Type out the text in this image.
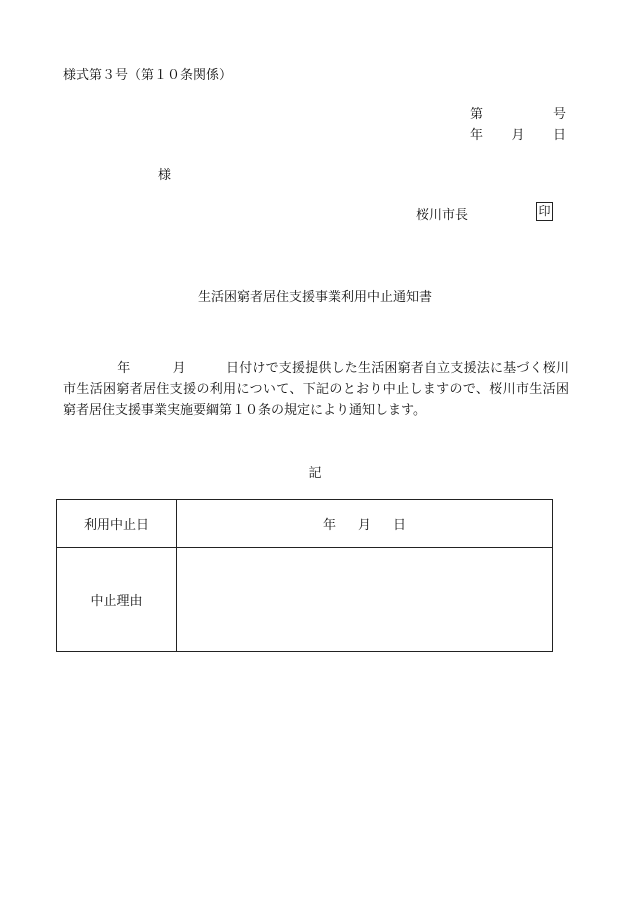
様式第３号（第１０条関係）
第	号
年 月 日
様
桜川市長	印
生活困窮者居住支援事業利用中止通知書
年	月	日付けで支援提供した生活困窮者自立支援法に基づく桜川市生活困窮者居住支援の利用について、下記のとおり中止しますので、桜川市生活困窮者居住支援事業実施要綱第１０条の規定により通知します。
記
利用中止日	年 月 日
中止理由	
